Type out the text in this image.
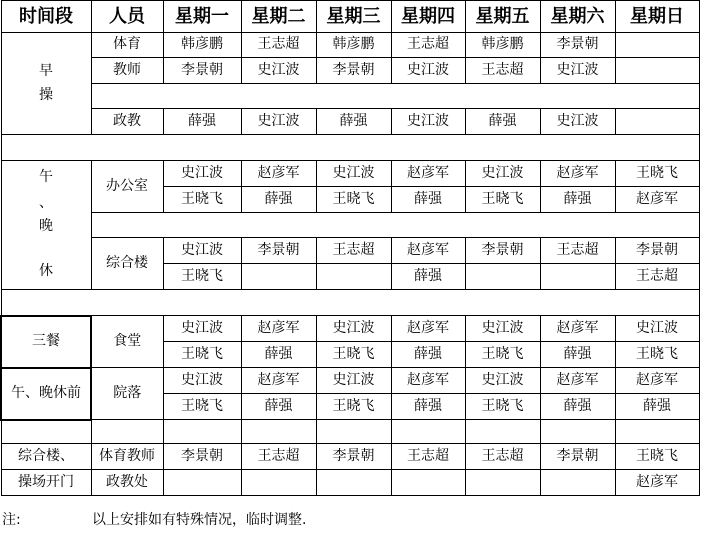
时间段	人员	星期一	星期二	星期三	星期四	星期五	星期六	星期日

早
操	体育	韩彦鹏	王志超	韩彦鹏	王志超	韩彦鹏	李景朝	
	教师	李景朝	史江波	李景朝	史江波	王志超	史江波	

	政教	薛强	史江波	薛强	史江波	薛强	史江波	

午
、
晚
休	办公室	史江波	赵彦军	史江波	赵彦军	史江波	赵彦军	王晓飞
		王晓飞	薛强	王晓飞	薛强	王晓飞	薛强	赵彦军

	综合楼	史江波	李景朝	王志超	赵彦军	李景朝	王志超	李景朝
		王晓飞			薛强			王志超

三餐	食堂	史江波	赵彦军	史江波	赵彦军	史江波	赵彦军	史江波
		王晓飞	薛强	王晓飞	薛强	王晓飞	薛强	王晓飞
午、晚休前	院落	史江波	赵彦军	史江波	赵彦军	史江波	赵彦军	赵彦军
		王晓飞	薛强	王晓飞	薛强	王晓飞	薛强	薛强

综合楼、	体育教师	李景朝	王志超	李景朝	王志超	王志超	李景朝	王晓飞
操场开门	政教处							赵彦军
注:	以上安排如有特殊情况，临时调整.
